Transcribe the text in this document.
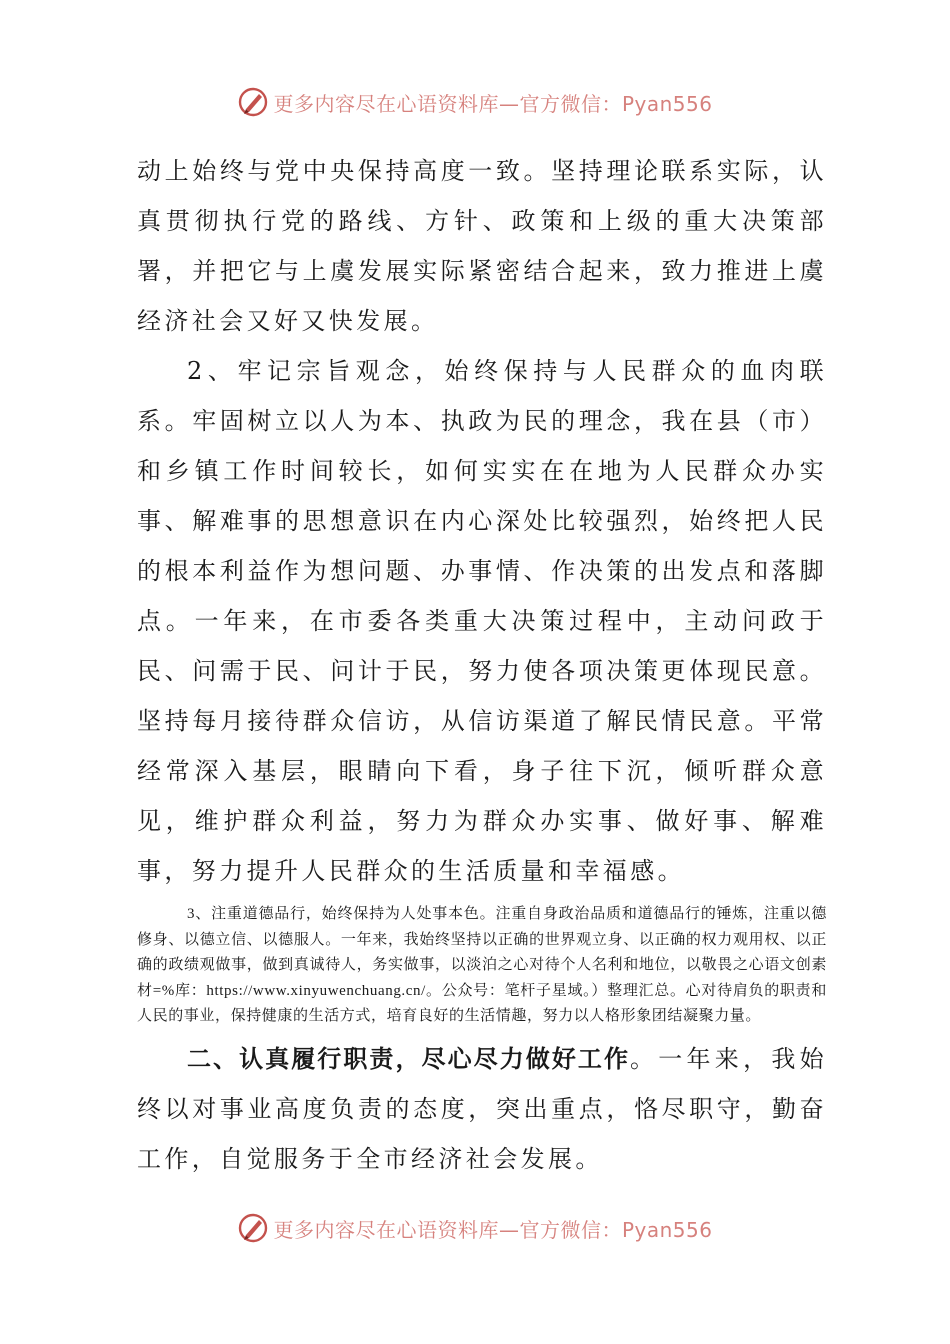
更多内容尽在心语资料库—官方微信：Pyan556

动上始终与党中央保持高度一致。坚持理论联系实际，认真贯彻执行党的路线、方针、政策和上级的重大决策部署，并把它与上虞发展实际紧密结合起来，致力推进上虞经济社会又好又快发展。

2、牢记宗旨观念，始终保持与人民群众的血肉联系。牢固树立以人为本、执政为民的理念，我在县（市）和乡镇工作时间较长，如何实实在在地为人民群众办实事、解难事的思想意识在内心深处比较强烈，始终把人民的根本利益作为想问题、办事情、作决策的出发点和落脚点。一年来，在市委各类重大决策过程中，主动问政于民、问需于民、问计于民，努力使各项决策更体现民意。坚持每月接待群众信访，从信访渠道了解民情民意。平常经常深入基层，眼睛向下看，身子往下沉，倾听群众意见，维护群众利益，努力为群众办实事、做好事、解难事，努力提升人民群众的生活质量和幸福感。

3、注重道德品行，始终保持为人处事本色。注重自身政治品质和道德品行的锤炼，注重以德修身、以德立信、以德服人。一年来，我始终坚持以正确的世界观立身、以正确的权力观用权、以正确的政绩观做事，做到真诚待人，务实做事，以淡泊之心对待个人名利和地位，以敬畏之心语文创素材=%库：https://www.xinyuwenchuang.cn/。公众号：笔杆子星域。）整理汇总。心对待肩负的职责和人民的事业，保持健康的生活方式，培育良好的生活情趣，努力以人格形象团结凝聚力量。

二、认真履行职责，尽心尽力做好工作。一年来，我始终以对事业高度负责的态度，突出重点，恪尽职守，勤奋工作，自觉服务于全市经济社会发展。

更多内容尽在心语资料库—官方微信：Pyan556
